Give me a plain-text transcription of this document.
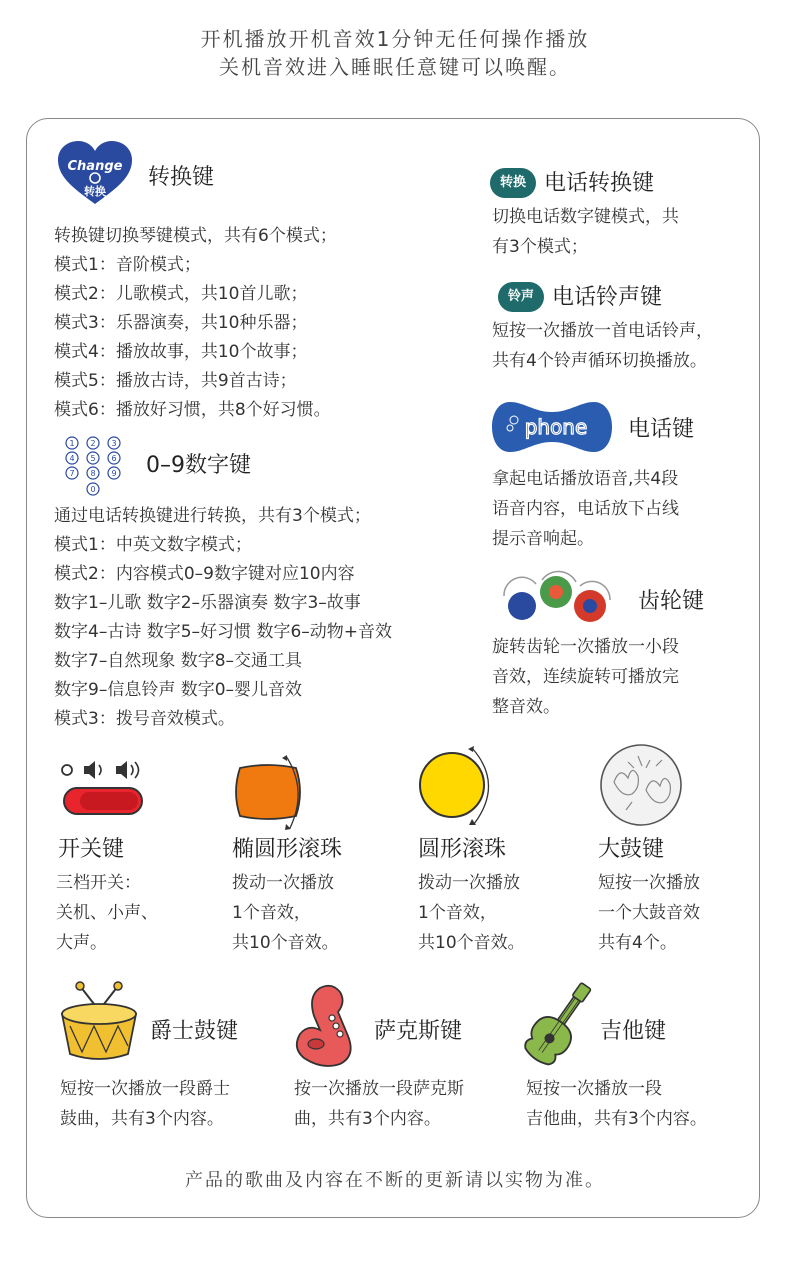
开机播放开机音效1分钟无任何操作播放
关机音效进入睡眠任意键可以唤醒。
Change
转换
转换键
转换键切换琴键模式，共有6个模式；
模式1：音阶模式；
模式2：儿歌模式，共10首儿歌；
模式3：乐器演奏，共10种乐器；
模式4：播放故事，共10个故事；
模式5：播放古诗，共9首古诗；
模式6：播放好习惯，共8个好习惯。
1 2 3
4 5 6
7 8 9
0
0–9数字键
通过电话转换键进行转换，共有3个模式；
模式1：中英文数字模式；
模式2：内容模式0–9数字键对应10内容
数字1–儿歌 数字2–乐器演奏 数字3–故事
数字4–古诗 数字5–好习惯 数字6–动物+音效
数字7–自然现象 数字8–交通工具
数字9–信息铃声 数字0–婴儿音效
模式3：拨号音效模式。
转换 电话转换键
切换电话数字键模式，共
有3个模式；
铃声 电话铃声键
短按一次播放一首电话铃声，
共有4个铃声循环切换播放。
phone 电话键
拿起电话播放语音,共4段
语音内容，电话放下占线
提示音响起。
齿轮键
旋转齿轮一次播放一小段
音效，连续旋转可播放完
整音效。
开关键
三档开关：
关机、小声、
大声。
椭圆形滚珠
拨动一次播放
1个音效，
共10个音效。
圆形滚珠
拨动一次播放
1个音效，
共10个音效。
大鼓键
短按一次播放
一个大鼓音效
共有4个。
爵士鼓键
短按一次播放一段爵士
鼓曲，共有3个内容。
萨克斯键
按一次播放一段萨克斯
曲，共有3个内容。
吉他键
短按一次播放一段
吉他曲，共有3个内容。
产品的歌曲及内容在不断的更新请以实物为准。
